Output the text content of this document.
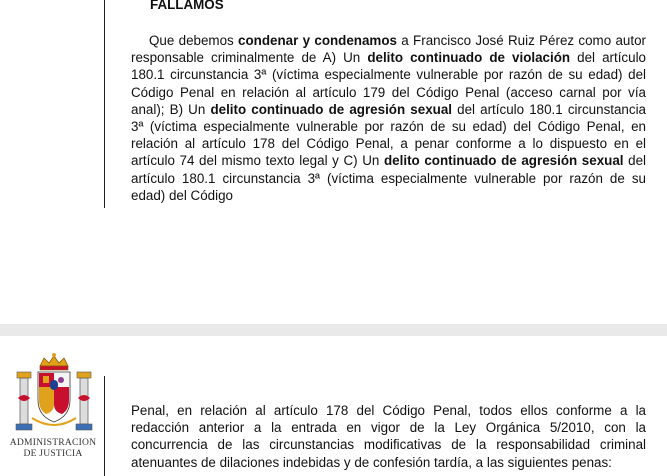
FALLAMOS

Que debemos condenar y condenamos a Francisco José Ruiz Pérez como autor responsable criminalmente de A) Un delito continuado de violación del artículo 180.1 circunstancia 3ª (víctima especialmente vulnerable por razón de su edad) del Código Penal en relación al artículo 179 del Código Penal (acceso carnal por vía anal); B) Un delito continuado de agresión sexual del artículo 180.1 circunstancia 3ª (víctima especialmente vulnerable por razón de su edad) del Código Penal, en relación al artículo 178 del Código Penal, a penar conforme a lo dispuesto en el artículo 74 del mismo texto legal y C) Un delito continuado de agresión sexual del artículo 180.1 circunstancia 3ª (víctima especialmente vulnerable por razón de su edad) del Código

ADMINISTRACION
DE JUSTICIA

Penal, en relación al artículo 178 del Código Penal, todos ellos conforme a la redacción anterior a la entrada en vigor de la Ley Orgánica 5/2010, con la concurrencia de las circunstancias modificativas de la responsabilidad criminal atenuantes de dilaciones indebidas y de confesión tardía, a las siguientes penas:
